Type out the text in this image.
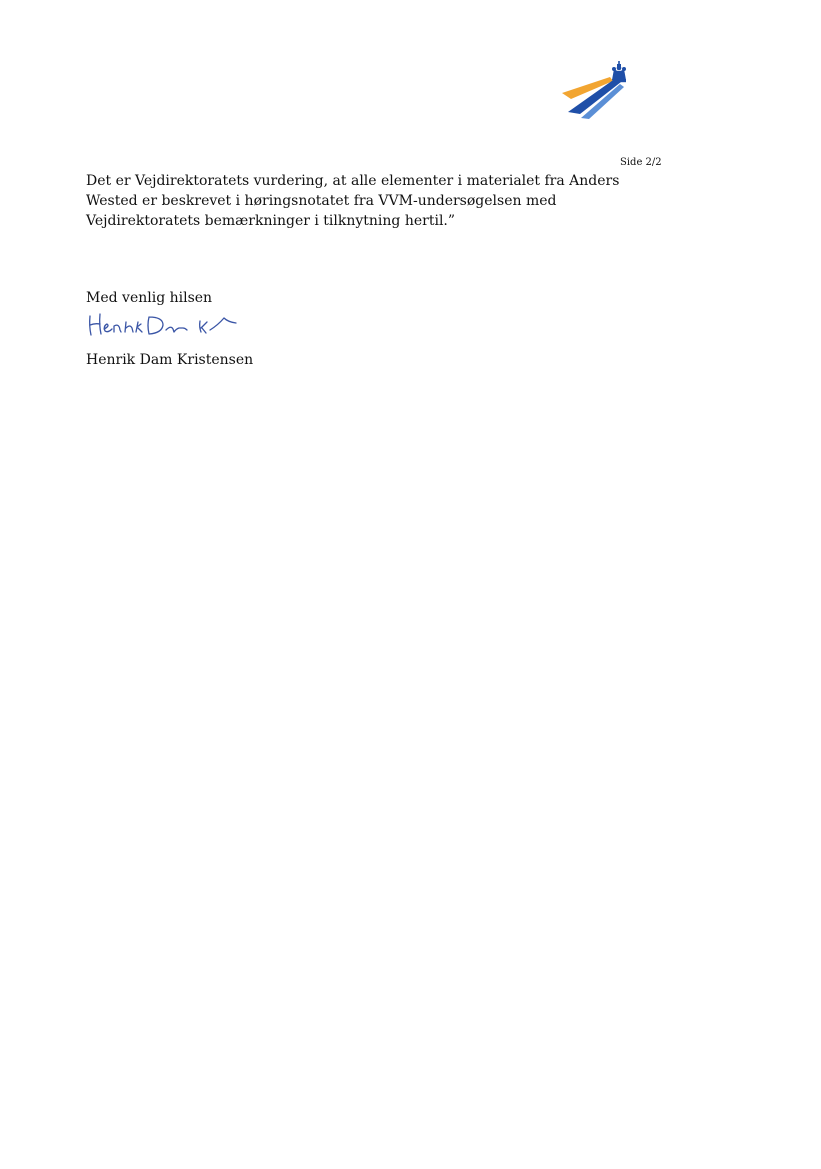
Side 2/2

Det er Vejdirektoratets vurdering, at alle elementer i materialet fra Anders Wested er beskrevet i høringsnotatet fra VVM-undersøgelsen med Vejdirektoratets bemærkninger i tilknytning hertil.”

Med venlig hilsen
Henrik Dam Kristensen
